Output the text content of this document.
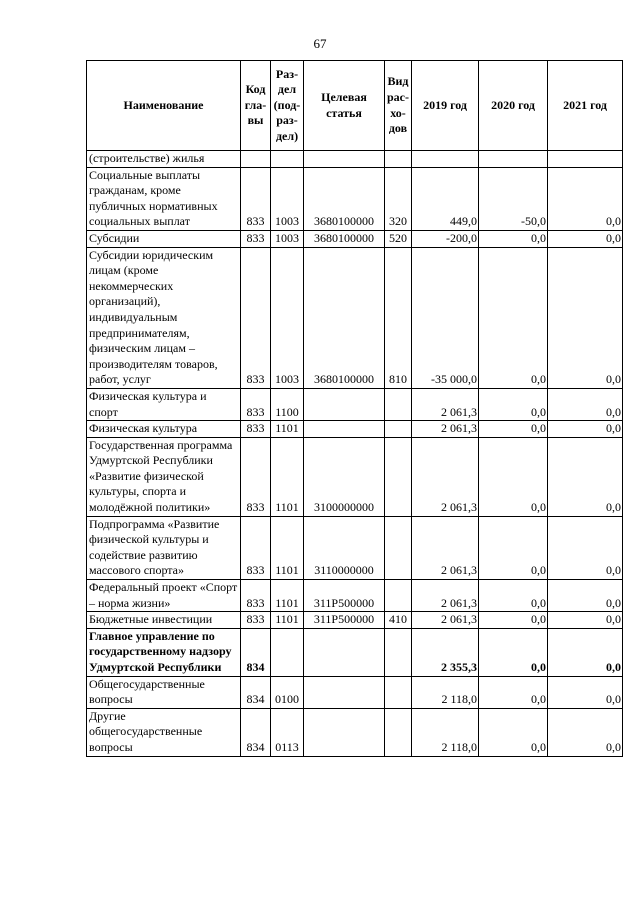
67
Наименование	Код гла-вы	Раз-дел (под-раз-дел)	Целевая статья	Вид рас-хо-дов	2019 год	2020 год	2021 год
(строительстве) жилья							
Социальные выплаты гражданам, кроме публичных нормативных социальных выплат	833	1003	3680100000	320	449,0	-50,0	0,0
Субсидии	833	1003	3680100000	520	-200,0	0,0	0,0
Субсидии юридическим лицам (кроме некоммерческих организаций), индивидуальным предпринимателям, физическим лицам – производителям товаров, работ, услуг	833	1003	3680100000	810	-35 000,0	0,0	0,0
Физическая культура и спорт	833	1100			2 061,3	0,0	0,0
Физическая культура	833	1101			2 061,3	0,0	0,0
Государственная программа Удмуртской Республики «Развитие физической культуры, спорта и молодёжной политики»	833	1101	3100000000		2 061,3	0,0	0,0
Подпрограмма «Развитие физической культуры и содействие развитию массового спорта»	833	1101	3110000000		2 061,3	0,0	0,0
Федеральный проект «Спорт – норма жизни»	833	1101	311P500000		2 061,3	0,0	0,0
Бюджетные инвестиции	833	1101	311P500000	410	2 061,3	0,0	0,0
Главное управление по государственному надзору Удмуртской Республики	834				2 355,3	0,0	0,0
Общегосударственные вопросы	834	0100			2 118,0	0,0	0,0
Другие общегосударственные вопросы	834	0113			2 118,0	0,0	0,0
